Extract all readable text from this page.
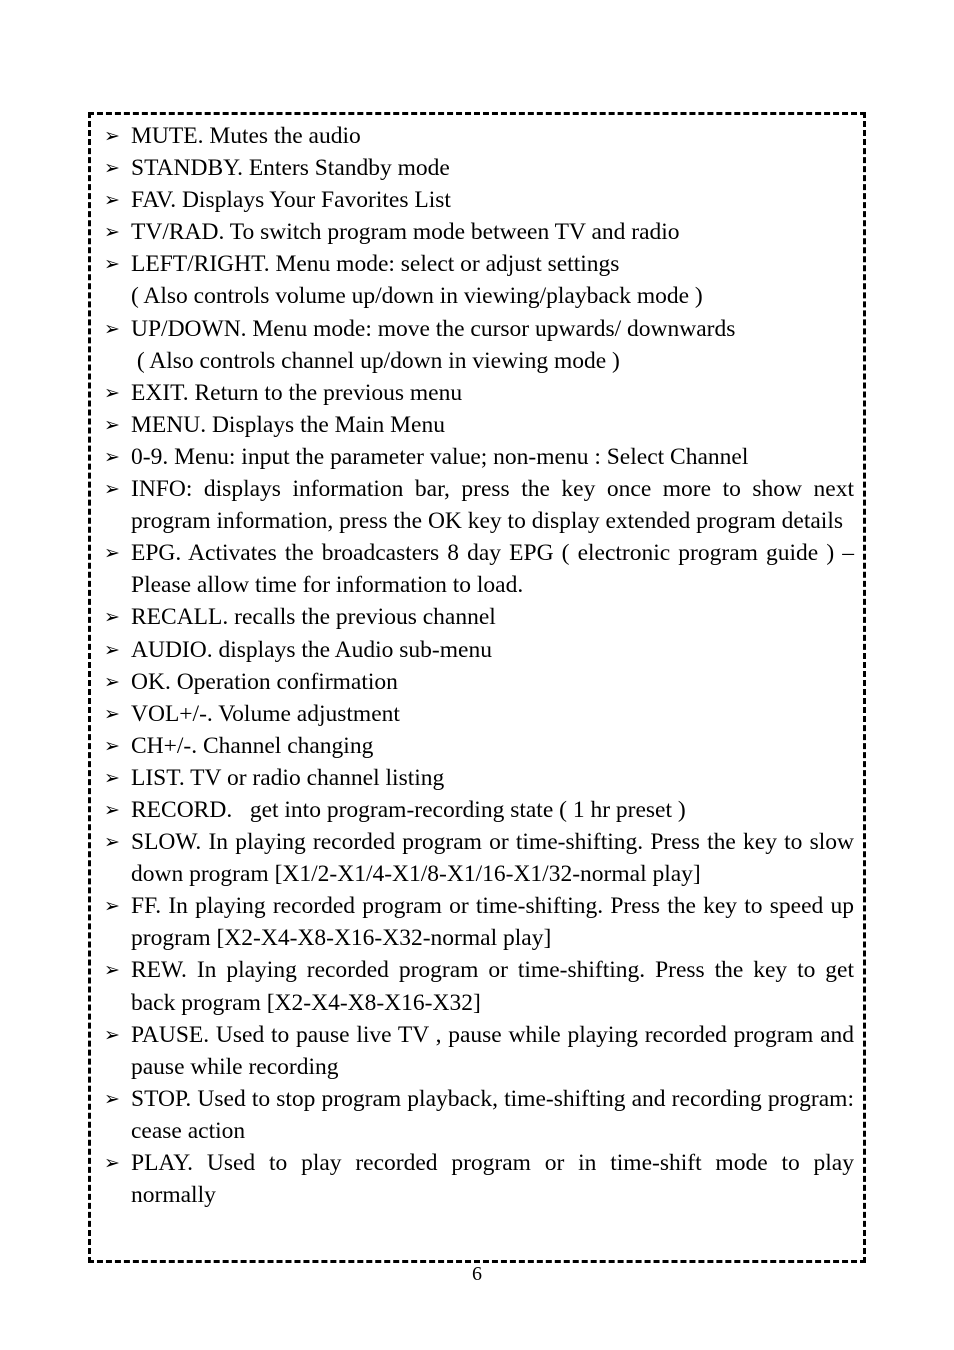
➢ MUTE. Mutes the audio
➢ STANDBY. Enters Standby mode
➢ FAV. Displays Your Favorites List
➢ TV/RAD. To switch program mode between TV and radio
➢ LEFT/RIGHT. Menu mode: select or adjust settings
( Also controls volume up/down in viewing/playback mode )
➢ UP/DOWN. Menu mode: move the cursor upwards/ downwards
( Also controls channel up/down in viewing mode )
➢ EXIT. Return to the previous menu
➢ MENU. Displays the Main Menu
➢ 0-9. Menu: input the parameter value; non-menu : Select Channel
➢ INFO: displays information bar, press the key once more to show next program information, press the OK key to display extended program details
➢ EPG. Activates the broadcasters 8 day EPG ( electronic program guide ) – Please allow time for information to load.
➢ RECALL. recalls the previous channel
➢ AUDIO. displays the Audio sub-menu
➢ OK. Operation confirmation
➢ VOL+/-. Volume adjustment
➢ CH+/-. Channel changing
➢ LIST. TV or radio channel listing
➢ RECORD.   get into program-recording state ( 1 hr preset )
➢ SLOW. In playing recorded program or time-shifting. Press the key to slow down program [X1/2-X1/4-X1/8-X1/16-X1/32-normal play]
➢ FF. In playing recorded program or time-shifting. Press the key to speed up program [X2-X4-X8-X16-X32-normal play]
➢ REW. In playing recorded program or time-shifting. Press the key to get back program [X2-X4-X8-X16-X32]
➢ PAUSE. Used to pause live TV , pause while playing recorded program and pause while recording
➢ STOP. Used to stop program playback, time-shifting and recording program: cease action
➢ PLAY. Used to play recorded program or in time-shift mode to play normally
6
